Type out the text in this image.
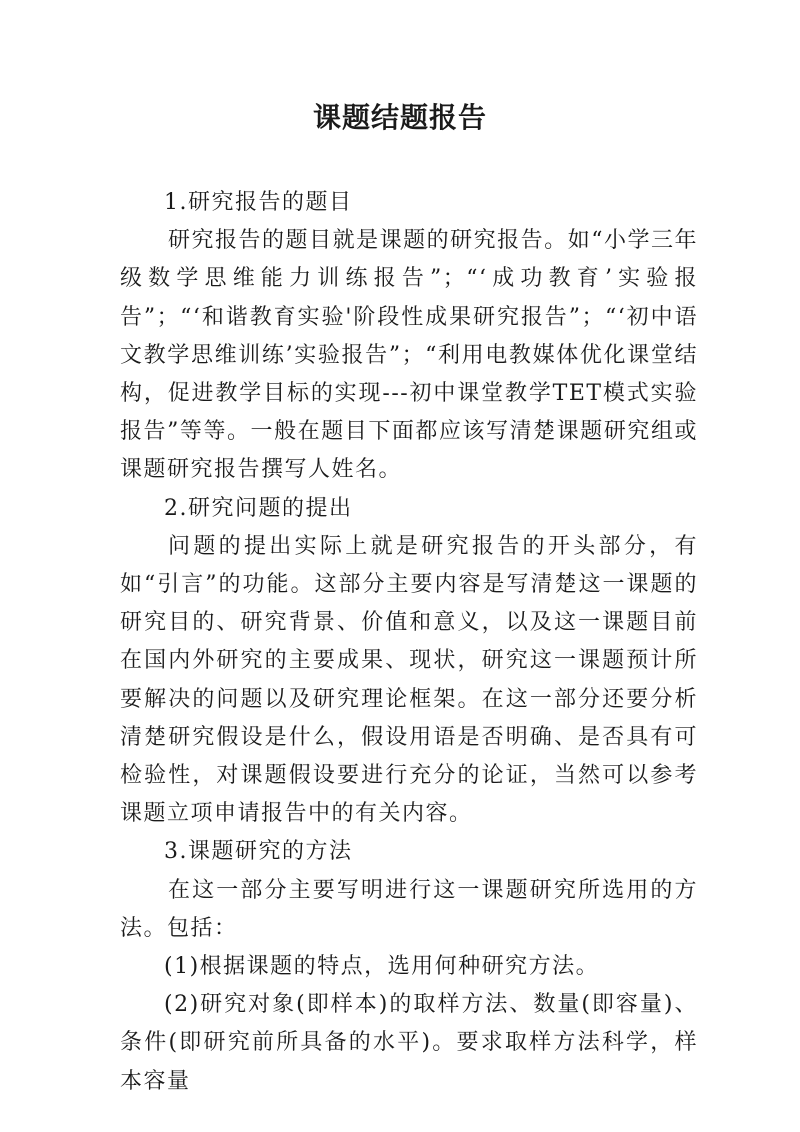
课题结题报告

1.研究报告的题目

研究报告的题目就是课题的研究报告。如“小学三年级数学思维能力训练报告”；“‘成功教育’实验报告”；“‘和谐教育实验'阶段性成果研究报告”；“‘初中语文教学思维训练’实验报告”；“利用电教媒体优化课堂结构，促进教学目标的实现---初中课堂教学TET模式实验报告”等等。一般在题目下面都应该写清楚课题研究组或课题研究报告撰写人姓名。

2.研究问题的提出

问题的提出实际上就是研究报告的开头部分，有如“引言”的功能。这部分主要内容是写清楚这一课题的研究目的、研究背景、价值和意义，以及这一课题目前在国内外研究的主要成果、现状，研究这一课题预计所要解决的问题以及研究理论框架。在这一部分还要分析清楚研究假设是什么，假设用语是否明确、是否具有可检验性，对课题假设要进行充分的论证，当然可以参考课题立项申请报告中的有关内容。

3.课题研究的方法

在这一部分主要写明进行这一课题研究所选用的方法。包括：

(1)根据课题的特点，选用何种研究方法。

(2)研究对象(即样本)的取样方法、数量(即容量)、条件(即研究前所具备的水平)。要求取样方法科学，样本容量
